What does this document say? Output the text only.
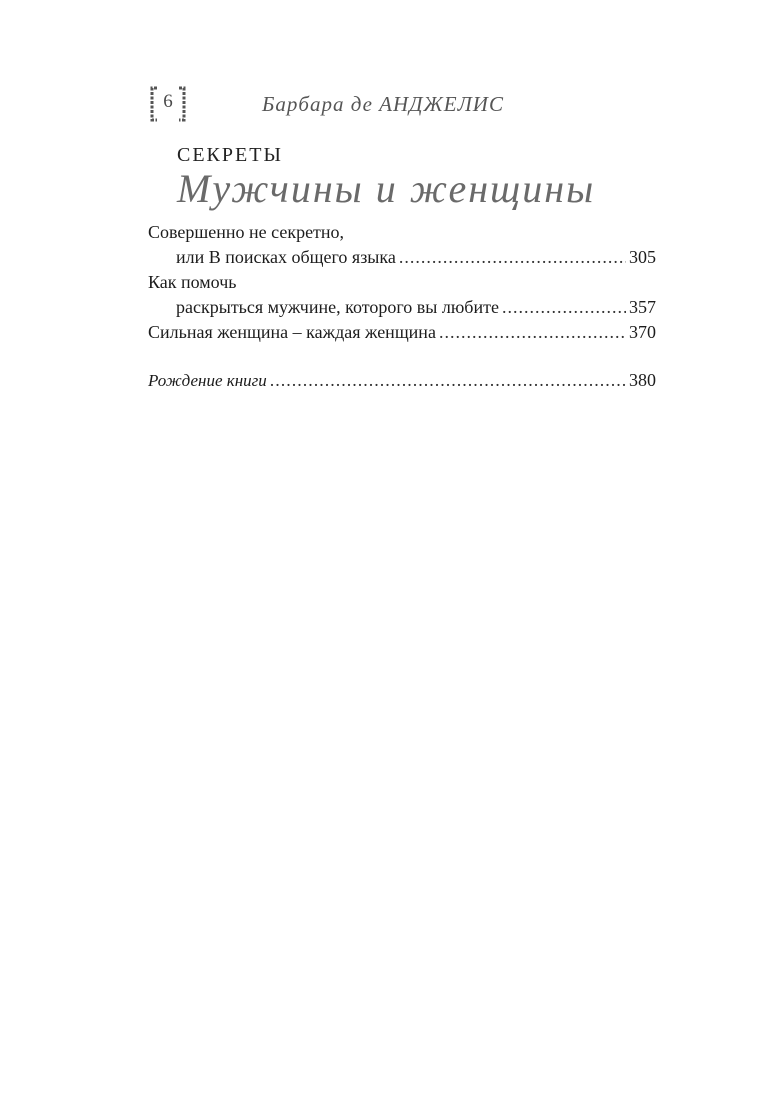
6	Барбара де АНДЖЕЛИС
СЕКРЕТЫ
Мужчины и женщины
Совершенно не секретно,
или В поисках общего языка .....	305
Как помочь
раскрыться мужчине, которого вы любите .....	357
Сильная женщина – каждая женщина .....	370
Рождение книги .....	380
